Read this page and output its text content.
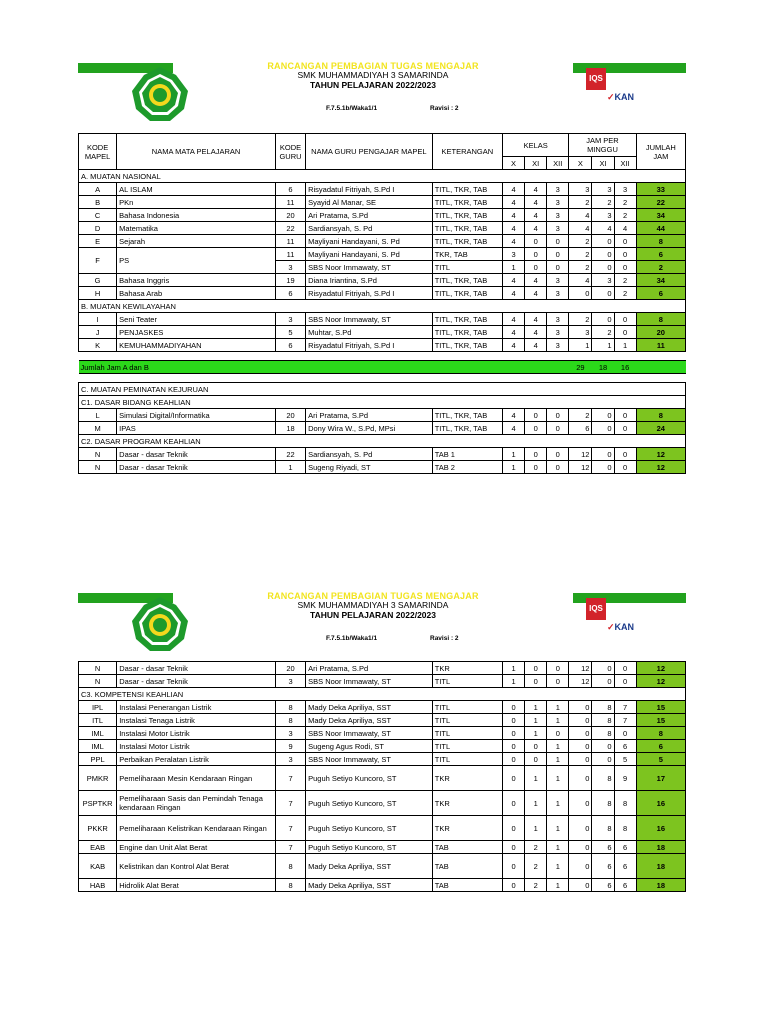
RANCANGAN PEMBAGIAN TUGAS MENGAJAR
SMK MUHAMMADIYAH 3 SAMARINDA
TAHUN PELAJARAN 2022/2023
F.7.5.1b/Waka1/1	Ravisi : 2
IQS
✓KAN
KODE MAPEL	NAMA MATA PELAJARAN	KODE GURU	NAMA GURU PENGAJAR MAPEL	KETERANGAN	KELAS			JAM PER MINGGU			JUMLAH JAM
					X	XI	XII	X	XI	XII	
A. MUATAN NASIONAL											
A	AL ISLAM	6	Risyadatul Fitriyah, S.Pd I	TITL, TKR, TAB	4	4	3	3	3	3	33
B	PKn	11	Syayid Al Manar, SE	TITL, TKR, TAB	4	4	3	2	2	2	22
C	Bahasa Indonesia	20	Ari Pratama, S.Pd	TITL, TKR, TAB	4	4	3	4	3	2	34
D	Matematika	22	Sardiansyah, S. Pd	TITL, TKR, TAB	4	4	3	4	4	4	44
E	Sejarah	11	Mayliyani Handayani, S. Pd	TITL, TKR, TAB	4	0	0	2	0	0	8
F	PS	11	Mayliyani Handayani, S. Pd	TKR, TAB	3	0	0	2	0	0	6
		3	SBS Noor Immawaty, ST	TITL	1	0	0	2	0	0	2
G	Bahasa Inggris	19	Diana Iriantina, S.Pd	TITL, TKR, TAB	4	4	3	4	3	2	34
H	Bahasa Arab	6	Risyadatul Fitriyah, S.Pd I	TITL, TKR, TAB	4	4	3	0	0	2	6
B. MUATAN KEWILAYAHAN											
I	Seni Teater	3	SBS Noor Immawaty, ST	TITL, TKR, TAB	4	4	3	2	0	0	8
J	PENJASKES	5	Muhtar, S.Pd	TITL, TKR, TAB	4	4	3	3	2	0	20
K	KEMUHAMMADIYAHAN	6	Risyadatul Fitriyah, S.Pd I	TITL, TKR, TAB	4	4	3	1	1	1	11

Jumlah Jam A dan B								29	18	16	

C. MUATAN PEMINATAN KEJURUAN											
C1. DASAR BIDANG KEAHLIAN											
L	Simulasi Digital/Informatika	20	Ari Pratama, S.Pd	TITL, TKR, TAB	4	0	0	2	0	0	8
M	IPAS	18	Dony Wira W., S.Pd, MPsi	TITL, TKR, TAB	4	0	0	6	0	0	24
C2. DASAR PROGRAM KEAHLIAN											
N	Dasar - dasar Teknik	22	Sardiansyah, S. Pd	TAB 1	1	0	0	12	0	0	12
N	Dasar - dasar Teknik	1	Sugeng Riyadi, ST	TAB 2	1	0	0	12	0	0	12
RANCANGAN PEMBAGIAN TUGAS MENGAJAR
SMK MUHAMMADIYAH 3 SAMARINDA
TAHUN PELAJARAN 2022/2023
F.7.5.1b/Waka1/1	Ravisi : 2
IQS
✓KAN
N	Dasar - dasar Teknik	20	Ari Pratama, S.Pd	TKR	1	0	0	12	0	0	12
N	Dasar - dasar Teknik	3	SBS Noor Immawaty, ST	TITL	1	0	0	12	0	0	12
C3. KOMPETENSI KEAHLIAN											
IPL	Instalasi Penerangan Listrik	8	Mady Deka Apriliya, SST	TITL	0	1	1	0	8	7	15
ITL	Instalasi Tenaga Listrik	8	Mady Deka Apriliya, SST	TITL	0	1	1	0	8	7	15
IML	Instalasi Motor Listrik	3	SBS Noor Immawaty, ST	TITL	0	1	0	0	8	0	8
IML	Instalasi Motor Listrik	9	Sugeng Agus Rodi, ST	TITL	0	0	1	0	0	6	6
PPL	Perbaikan Peralatan Listrik	3	SBS Noor Immawaty, ST	TITL	0	0	1	0	0	5	5
PMKR	Pemeliharaan Mesin Kendaraan Ringan	7	Puguh Setiyo Kuncoro, ST	TKR	0	1	1	0	8	9	17
PSPTKR	Pemeliharaan Sasis dan Pemindah Tenaga kendaraan Ringan	7	Puguh Setiyo Kuncoro, ST	TKR	0	1	1	0	8	8	16
PKKR	Pemeliharaan Kelistrikan Kendaraan Ringan	7	Puguh Setiyo Kuncoro, ST	TKR	0	1	1	0	8	8	16
EAB	Engine dan Unit Alat Berat	7	Puguh Setiyo Kuncoro, ST	TAB	0	2	1	0	6	6	18
KAB	Kelistrikan dan Kontrol Alat Berat	8	Mady Deka Apriliya, SST	TAB	0	2	1	0	6	6	18
HAB	Hidrolik Alat Berat	8	Mady Deka Apriliya, SST	TAB	0	2	1	0	6	6	18
